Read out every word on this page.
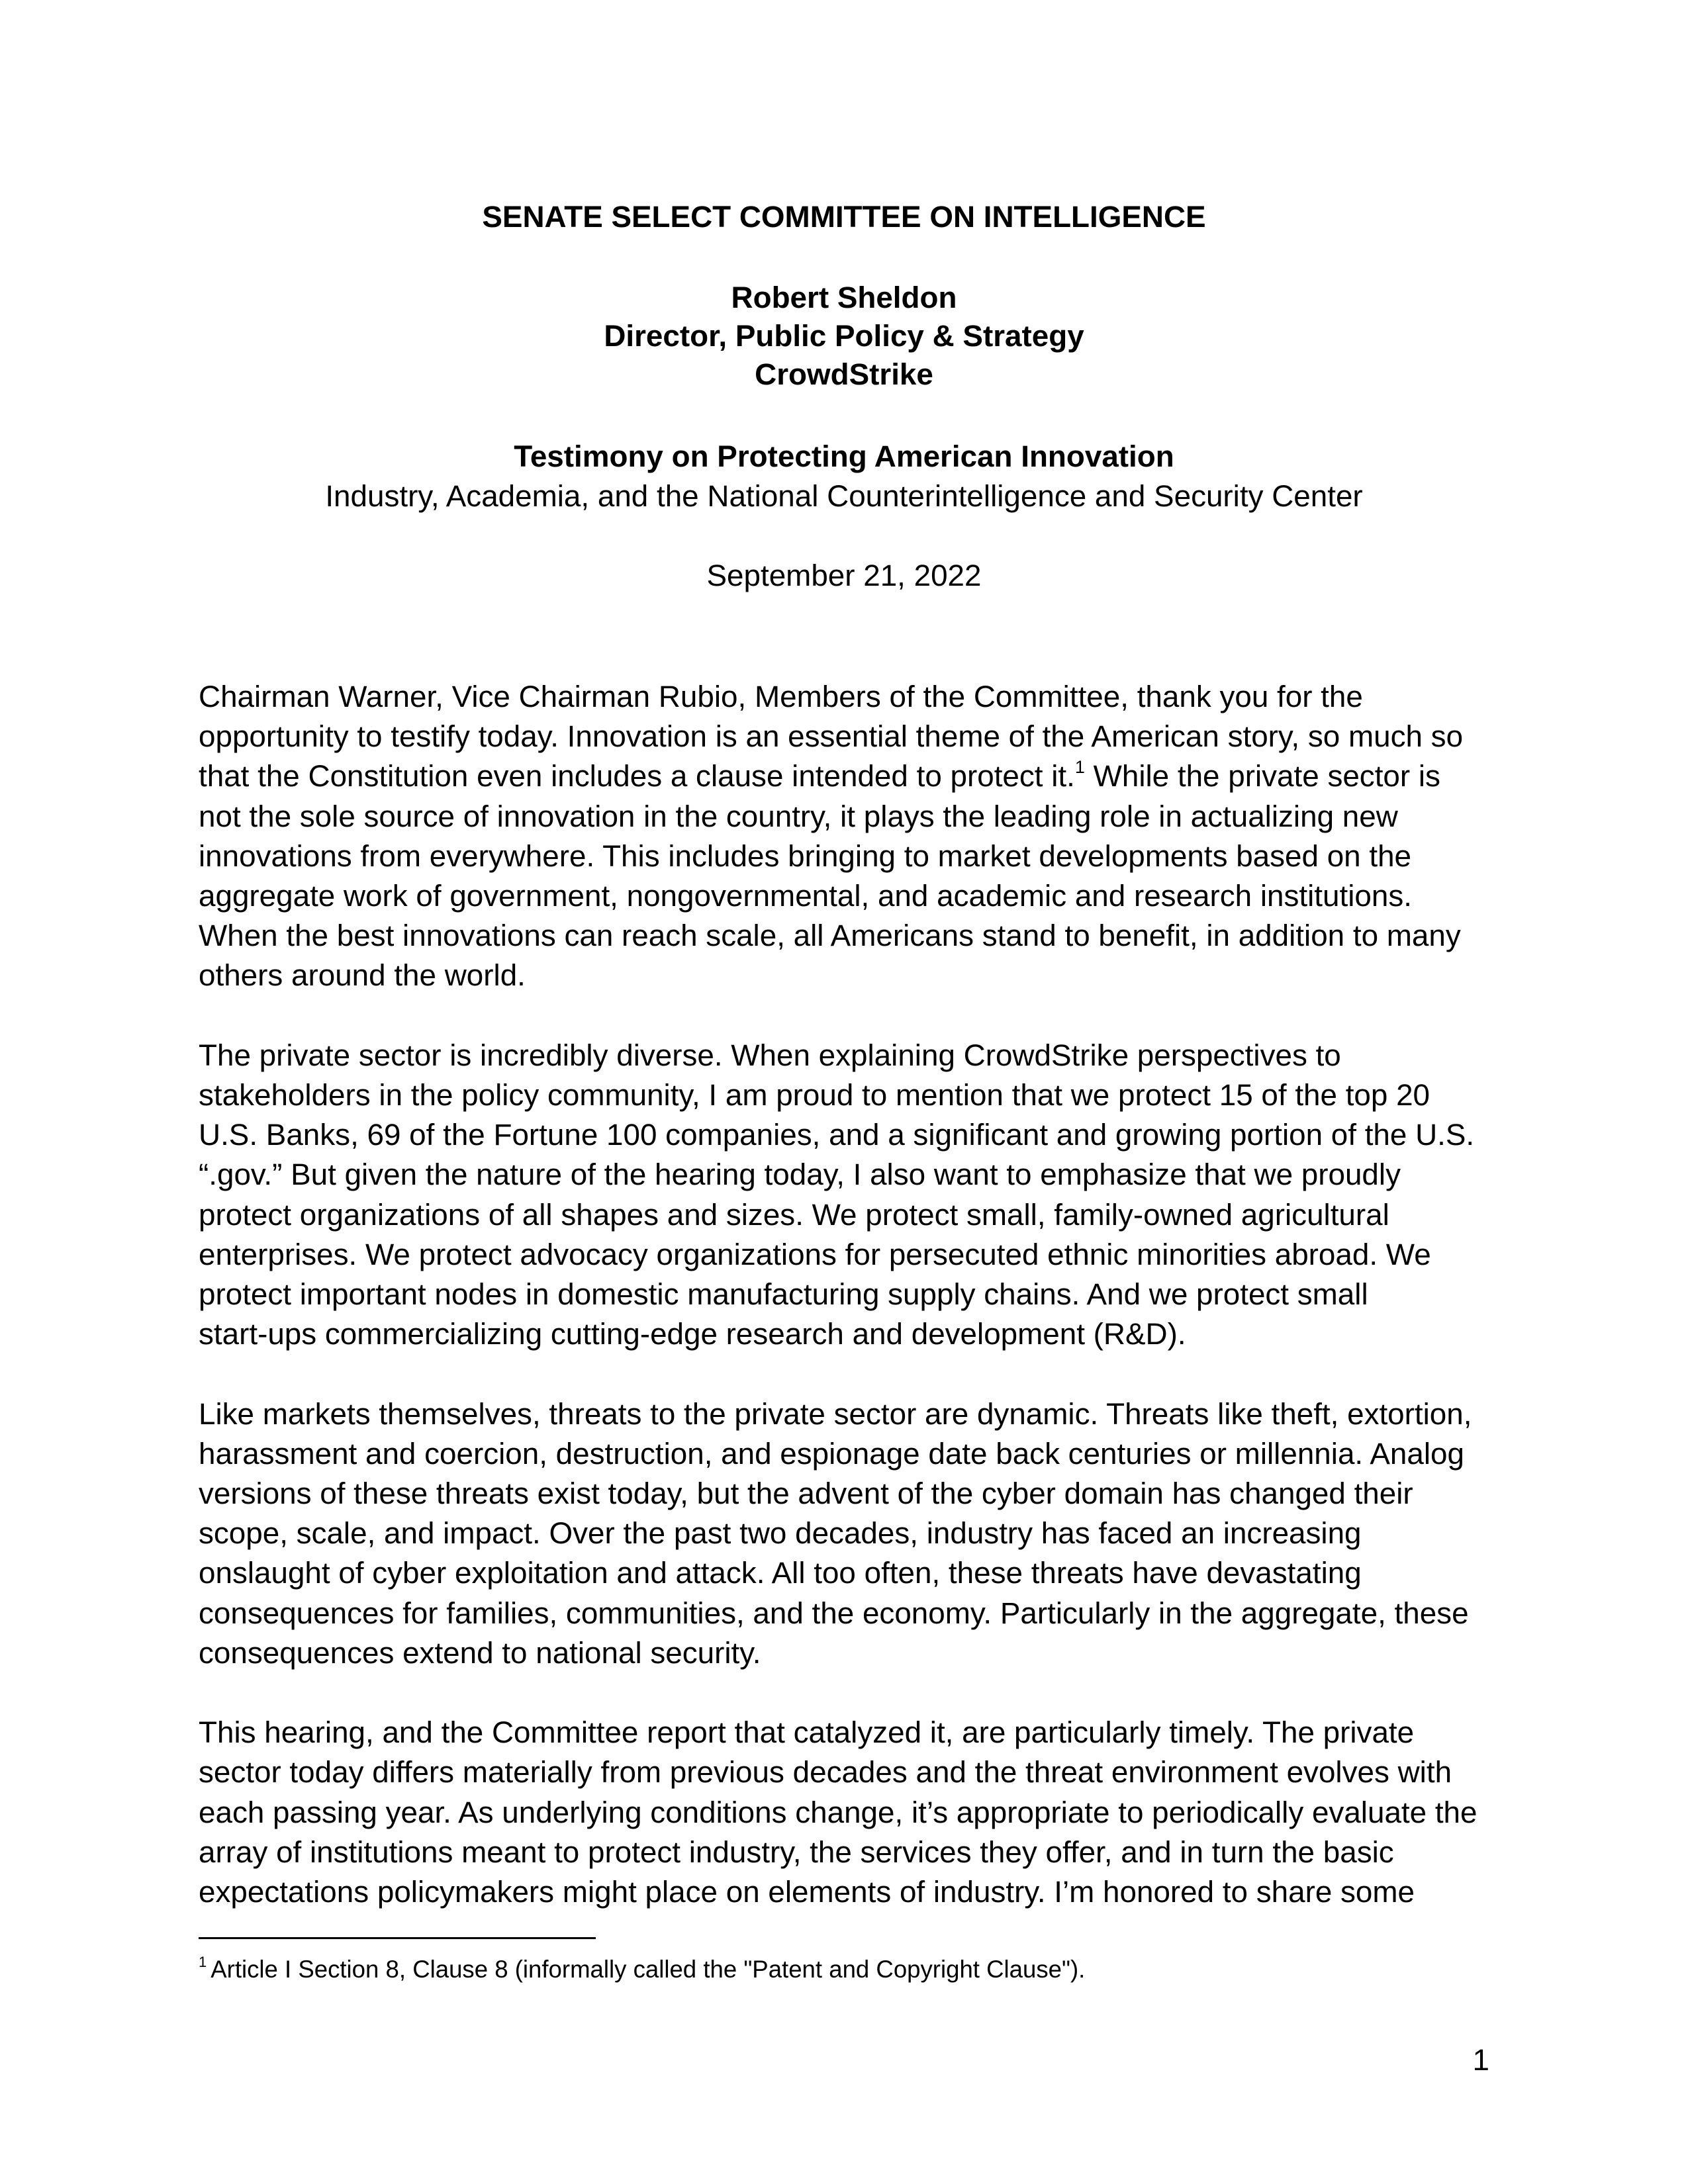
SENATE SELECT COMMITTEE ON INTELLIGENCE
Robert Sheldon
Director, Public Policy & Strategy
CrowdStrike
Testimony on Protecting American Innovation
Industry, Academia, and the National Counterintelligence and Security Center
September 21, 2022

Chairman Warner, Vice Chairman Rubio, Members of the Committee, thank you for the
opportunity to testify today. Innovation is an essential theme of the American story, so much so
that the Constitution even includes a clause intended to protect it.$^1$ While the private sector is
not the sole source of innovation in the country, it plays the leading role in actualizing new
innovations from everywhere. This includes bringing to market developments based on the
aggregate work of government, nongovernmental, and academic and research institutions.
When the best innovations can reach scale, all Americans stand to benefit, in addition to many
others around the world.

The private sector is incredibly diverse. When explaining CrowdStrike perspectives to
stakeholders in the policy community, I am proud to mention that we protect 15 of the top 20
U.S. Banks, 69 of the Fortune 100 companies, and a significant and growing portion of the U.S.
“.gov.” But given the nature of the hearing today, I also want to emphasize that we proudly
protect organizations of all shapes and sizes. We protect small, family-owned agricultural
enterprises. We protect advocacy organizations for persecuted ethnic minorities abroad. We
protect important nodes in domestic manufacturing supply chains. And we protect small
start-ups commercializing cutting-edge research and development (R&D).

Like markets themselves, threats to the private sector are dynamic. Threats like theft, extortion,
harassment and coercion, destruction, and espionage date back centuries or millennia. Analog
versions of these threats exist today, but the advent of the cyber domain has changed their
scope, scale, and impact. Over the past two decades, industry has faced an increasing
onslaught of cyber exploitation and attack. All too often, these threats have devastating
consequences for families, communities, and the economy. Particularly in the aggregate, these
consequences extend to national security.

This hearing, and the Committee report that catalyzed it, are particularly timely. The private
sector today differs materially from previous decades and the threat environment evolves with
each passing year. As underlying conditions change, it’s appropriate to periodically evaluate the
array of institutions meant to protect industry, the services they offer, and in turn the basic
expectations policymakers might place on elements of industry. I’m honored to share some

$^1$ Article I Section 8, Clause 8 (informally called the "Patent and Copyright Clause").
1
